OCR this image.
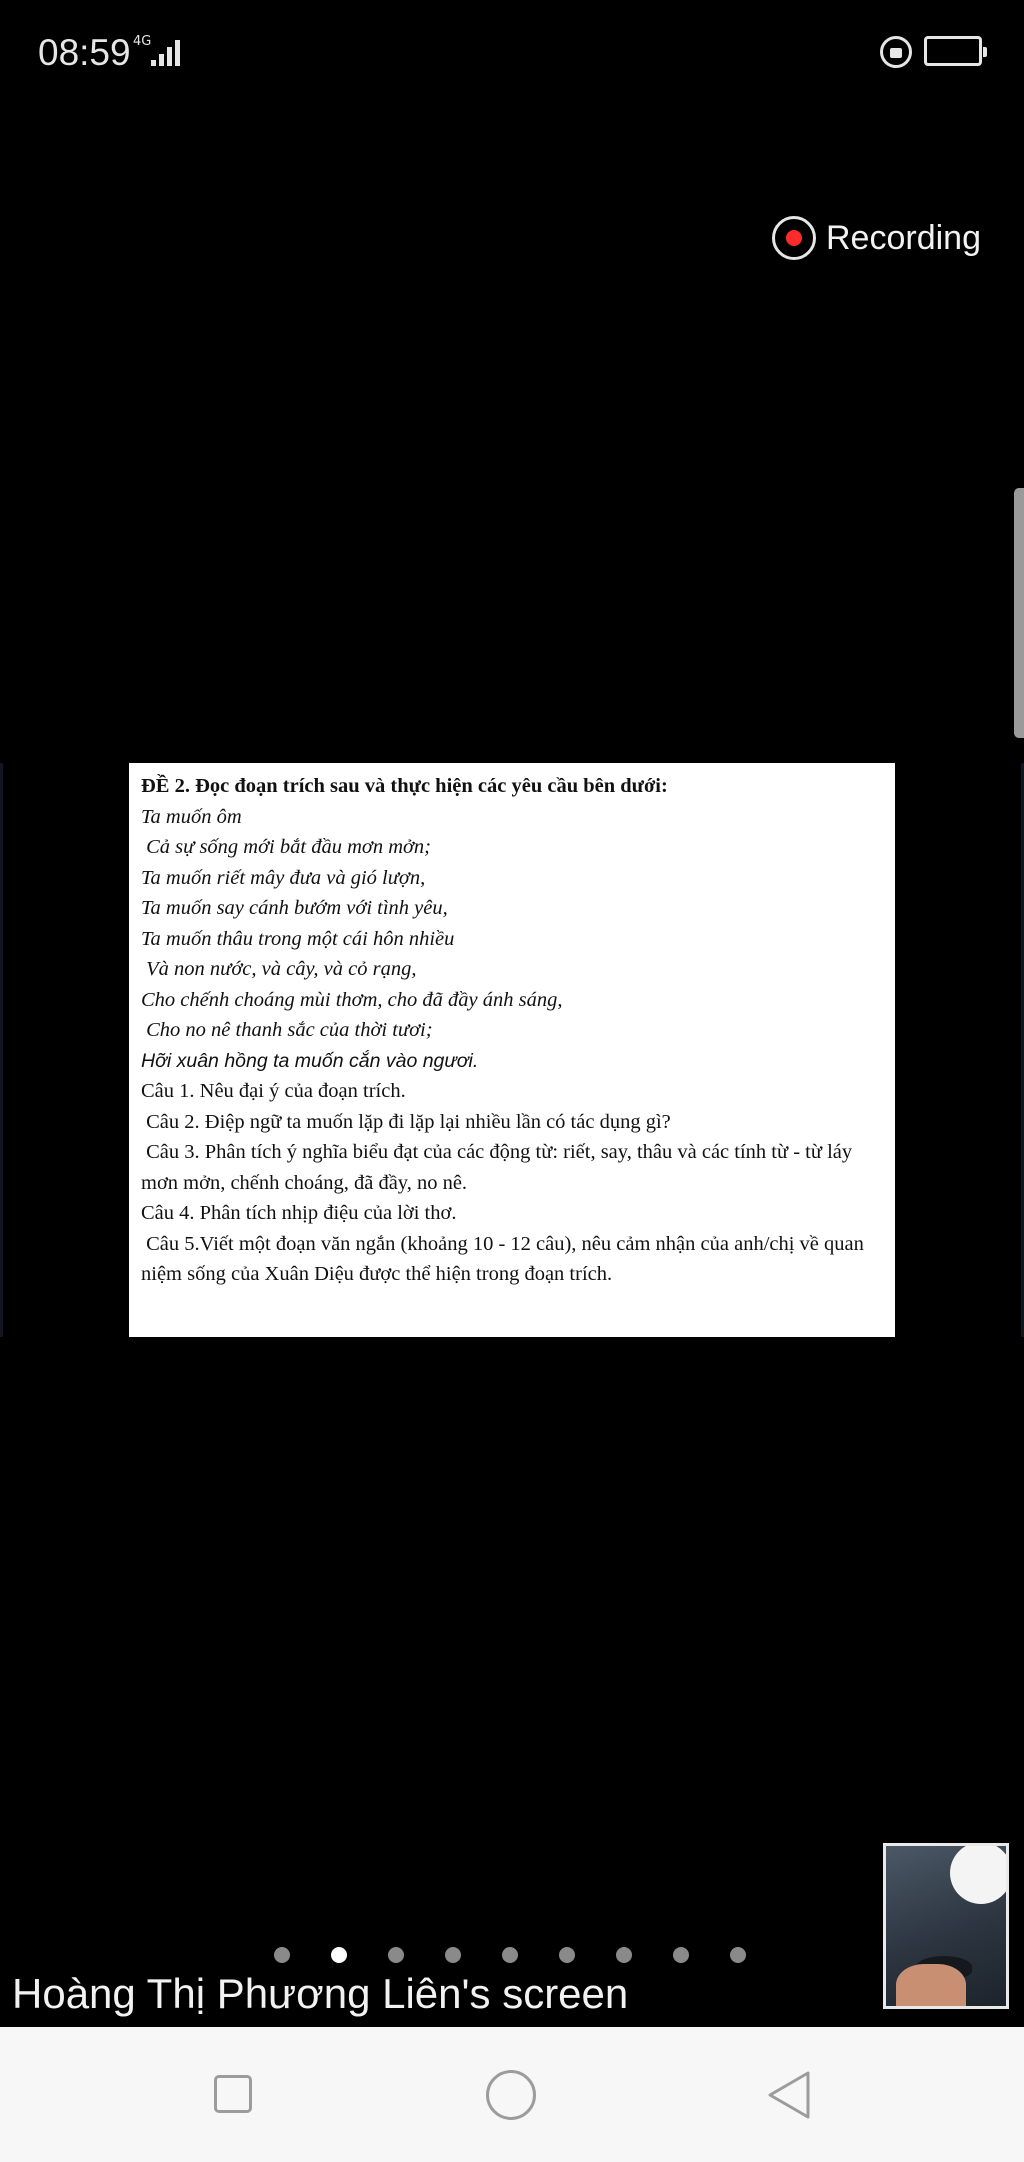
08:59 4G	51
Recording

ĐỀ 2. Đọc đoạn trích sau và thực hiện các yêu cầu bên dưới:

Ta muốn ôm

Cả sự sống mới bắt đầu mơn mởn;

Ta muốn riết mây đưa và gió lượn,

Ta muốn say cánh bướm với tình yêu,

Ta muốn thâu trong một cái hôn nhiều

Và non nước, và cây, và cỏ rạng,

Cho chếnh choáng mùi thơm, cho đã đầy ánh sáng,

Cho no nê thanh sắc của thời tươi;

Hỡi xuân hồng ta muốn cắn vào ngươi.

Câu 1. Nêu đại ý của đoạn trích.

Câu 2. Điệp ngữ ta muốn lặp đi lặp lại nhiều lần có tác dụng gì?

Câu 3. Phân tích ý nghĩa biểu đạt của các động từ: riết, say, thâu và các tính từ - từ láy mơn mởn, chếnh choáng, đã đầy, no nê.

Câu 4. Phân tích nhịp điệu của lời thơ.

Câu 5.Viết một đoạn văn ngắn (khoảng 10 - 12 câu), nêu cảm nhận của anh/chị về quan niệm sống của Xuân Diệu được thể hiện trong đoạn trích.

Hoàng Thị Phương Liên's screen
